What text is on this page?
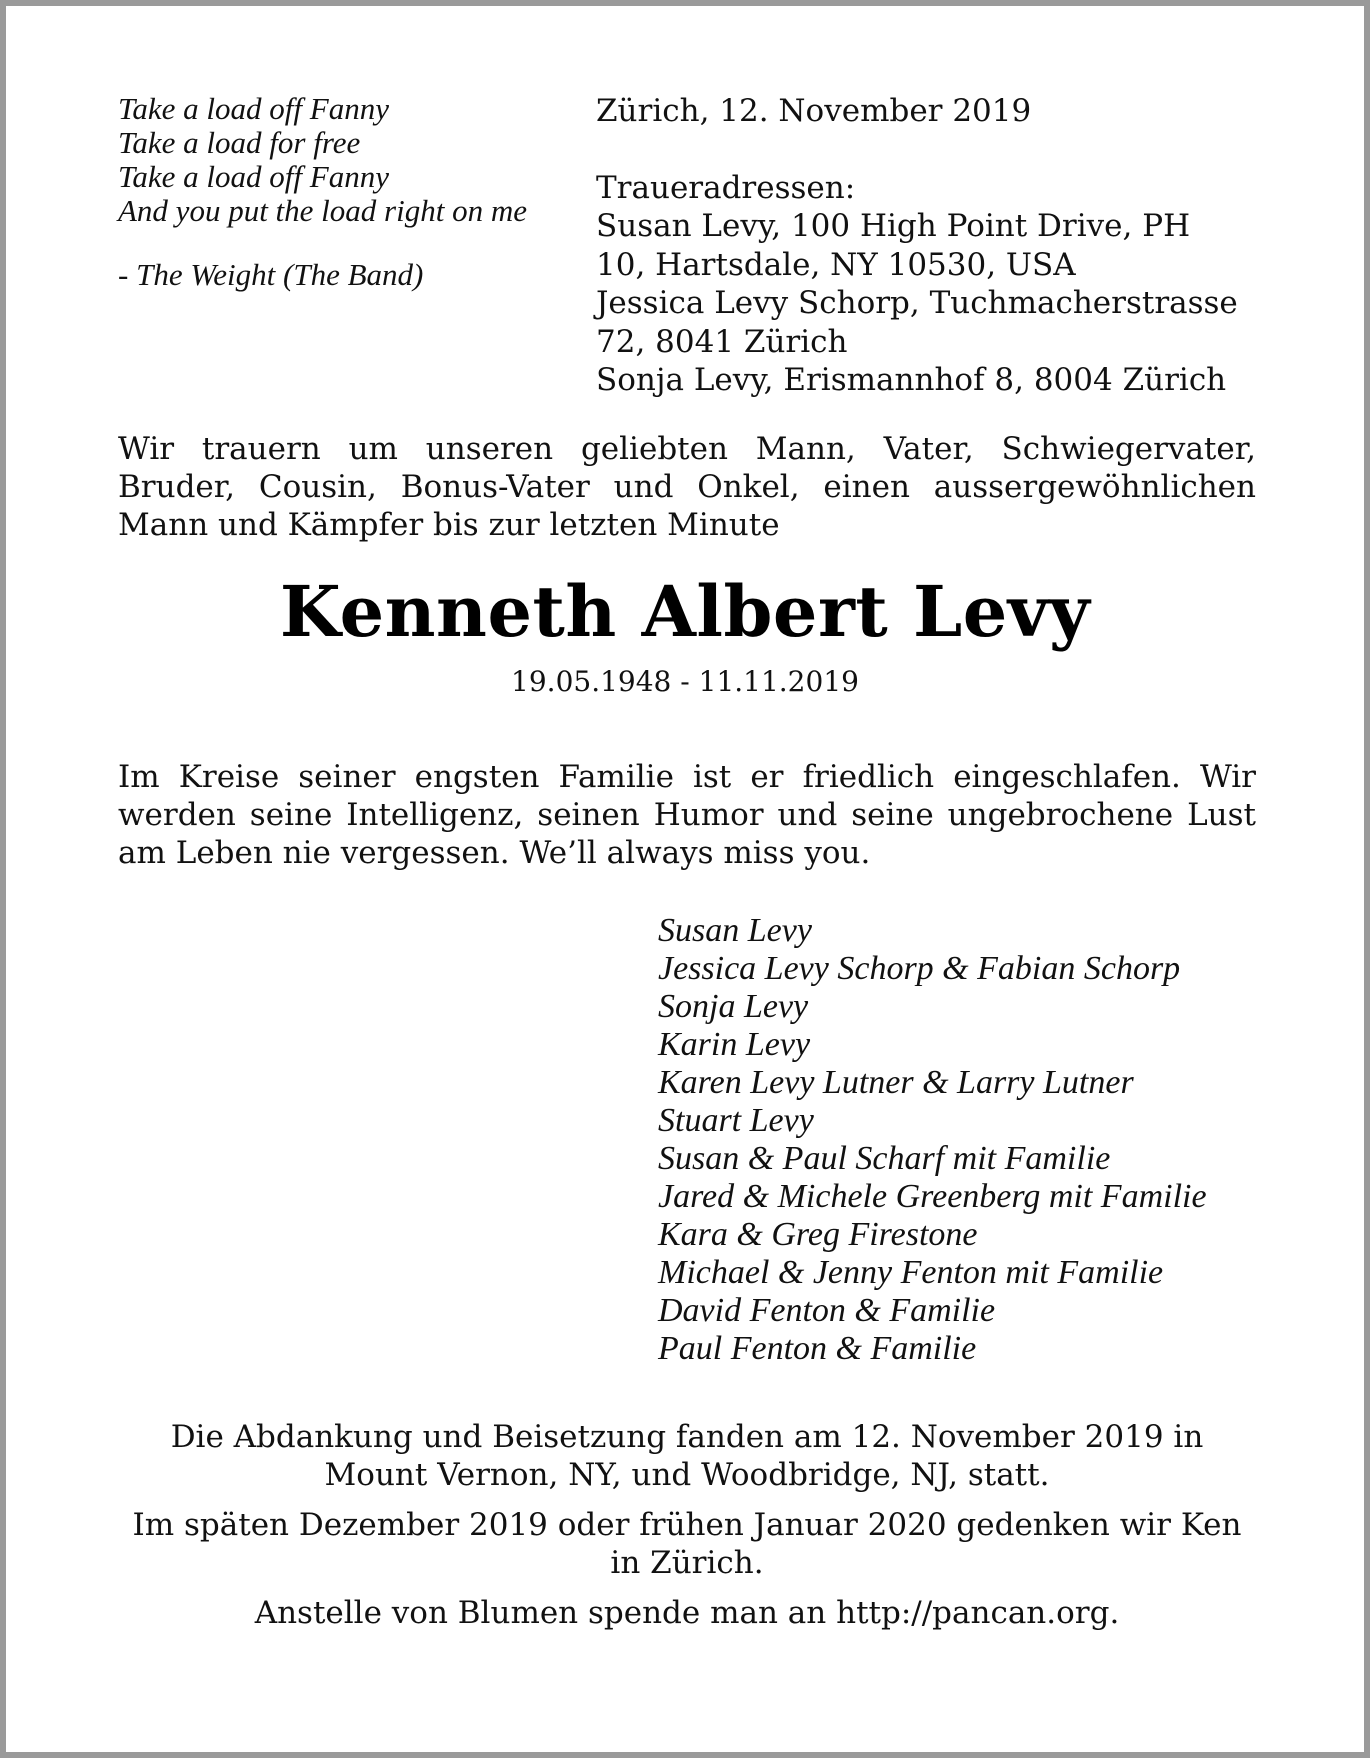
Take a load off Fanny
Take a load for free
Take a load off Fanny
And you put the load right on me
- The Weight (The Band)
Zürich, 12. November 2019
Traueradressen:
Susan Levy, 100 High Point Drive, PH
10, Hartsdale, NY 10530, USA
Jessica Levy Schorp, Tuchmacherstrasse
72, 8041 Zürich
Sonja Levy, Erismannhof 8, 8004 Zürich
Wir trauern um unseren geliebten Mann, Vater, Schwiegervater, Bruder, Cousin, Bonus-Vater und Onkel, einen aussergewöhnlichen Mann und Kämpfer bis zur letzten Minute
Kenneth Albert Levy
19.05.1948 - 11.11.2019
Im Kreise seiner engsten Familie ist er friedlich eingeschlafen. Wir werden seine Intelligenz, seinen Humor und seine ungebrochene Lust am Leben nie vergessen. We’ll always miss you.
Susan Levy
Jessica Levy Schorp & Fabian Schorp
Sonja Levy
Karin Levy
Karen Levy Lutner & Larry Lutner
Stuart Levy
Susan & Paul Scharf mit Familie
Jared & Michele Greenberg mit Familie
Kara & Greg Firestone
Michael & Jenny Fenton mit Familie
David Fenton & Familie
Paul Fenton & Familie
Die Abdankung und Beisetzung fanden am 12. November 2019 in Mount Vernon, NY, und Woodbridge, NJ, statt.
Im späten Dezember 2019 oder frühen Januar 2020 gedenken wir Ken in Zürich.
Anstelle von Blumen spende man an http://pancan.org.
